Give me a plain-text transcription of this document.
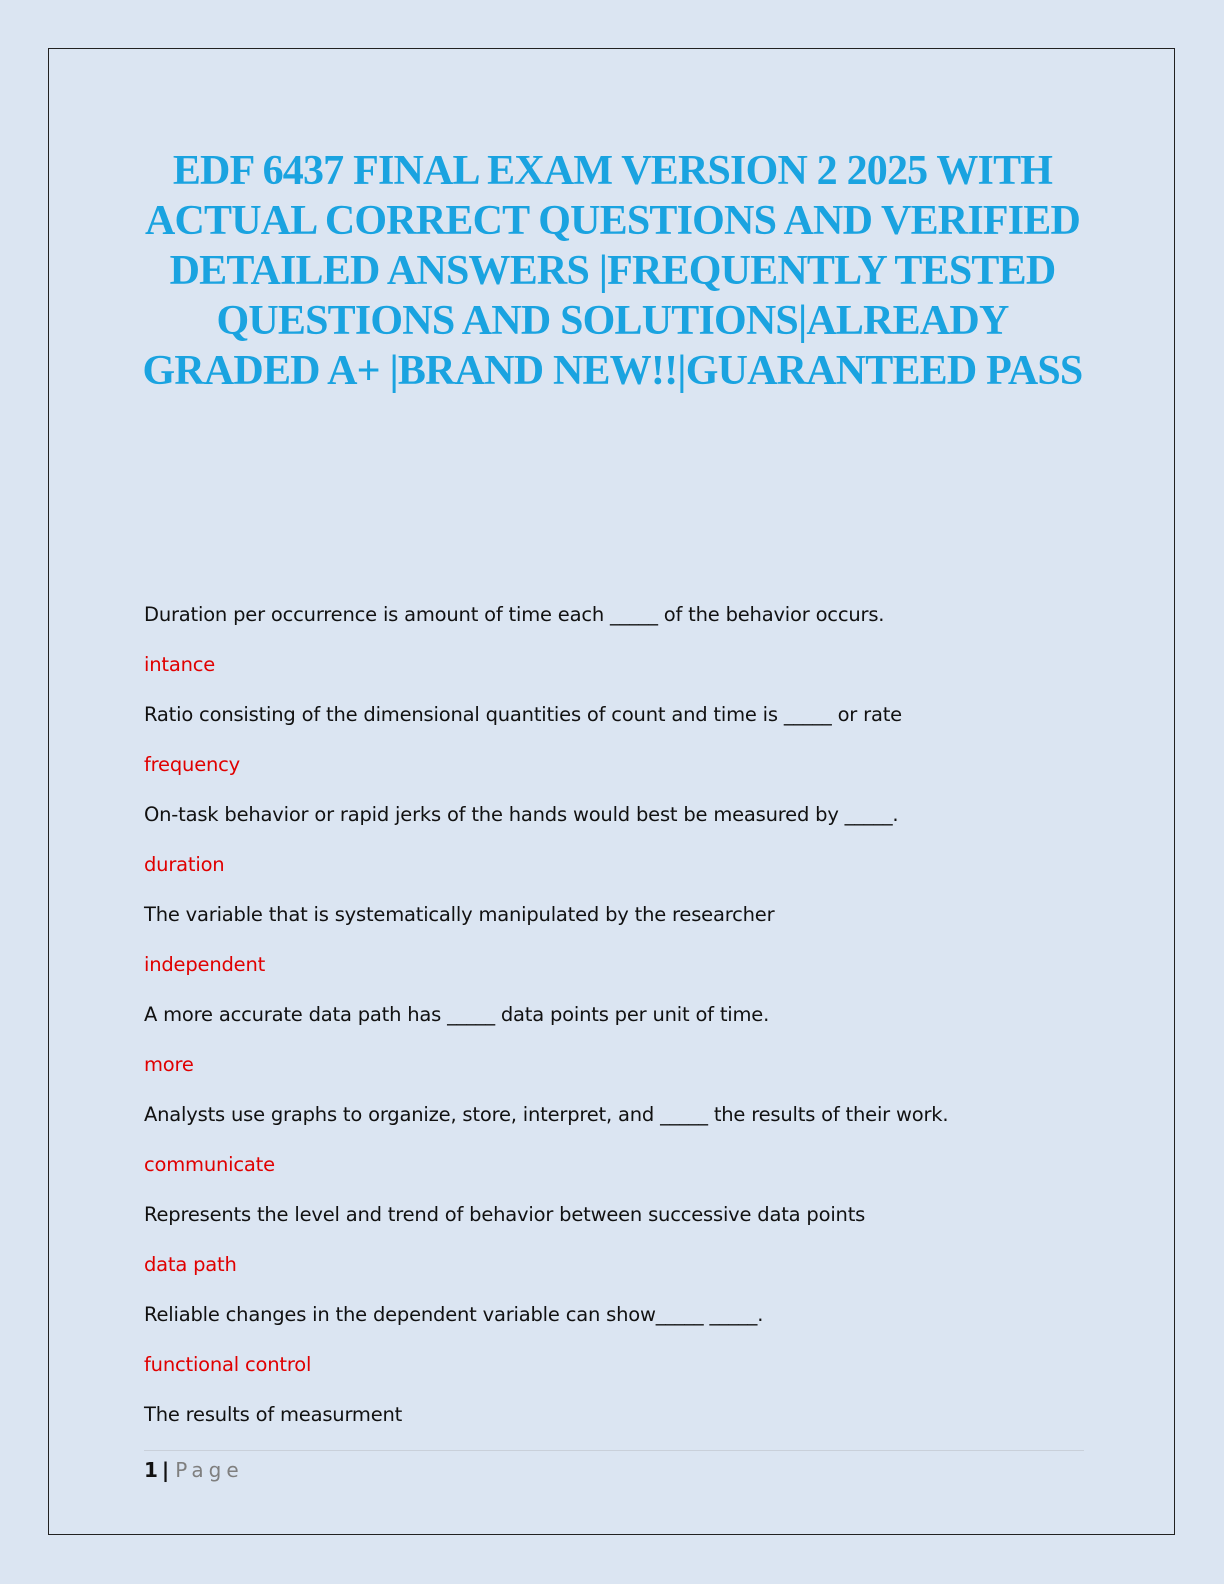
EDF 6437 FINAL EXAM VERSION 2 2025 WITH ACTUAL CORRECT QUESTIONS AND VERIFIED DETAILED ANSWERS |FREQUENTLY TESTED QUESTIONS AND SOLUTIONS|ALREADY GRADED A+ |BRAND NEW!!|GUARANTEED PASS

Duration per occurrence is amount of time each _____ of the behavior occurs.

intance

Ratio consisting of the dimensional quantities of count and time is _____ or rate

frequency

On-task behavior or rapid jerks of the hands would best be measured by _____.

duration

The variable that is systematically manipulated by the researcher

independent

A more accurate data path has _____ data points per unit of time.

more

Analysts use graphs to organize, store, interpret, and _____ the results of their work.

communicate

Represents the level and trend of behavior between successive data points

data path

Reliable changes in the dependent variable can show_____ _____.

functional control

The results of measurment

1 | Page
